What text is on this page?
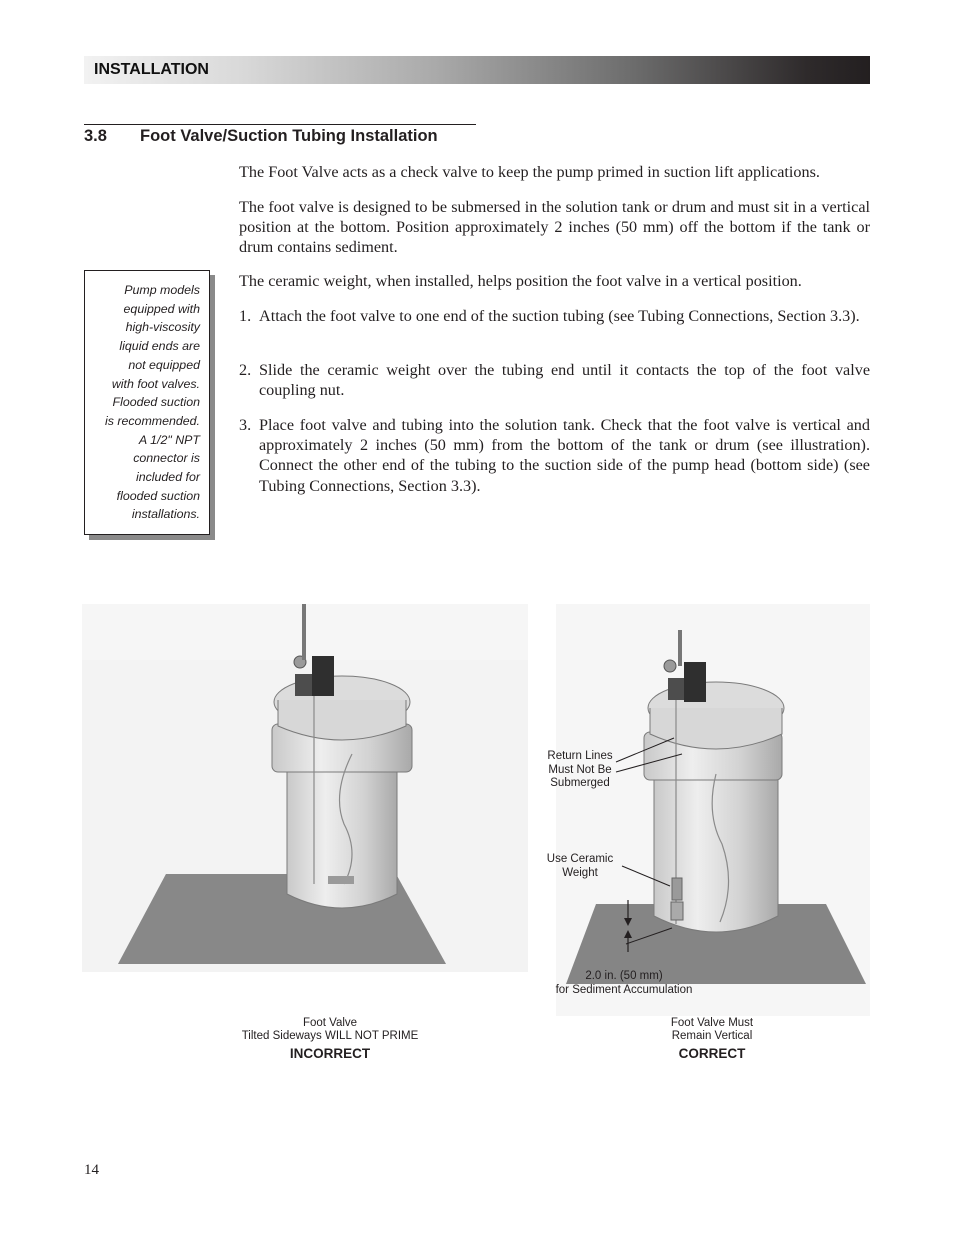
INSTALLATION
3.8 Foot Valve/Suction Tubing Installation
The Foot Valve acts as a check valve to keep the pump primed in suction lift applications.
The foot valve is designed to be submersed in the solution tank or drum and must sit in a vertical position at the bottom. Position approximately 2 inches (50 mm) off the bottom if the tank or drum contains sediment.
The ceramic weight, when installed, helps position the foot valve in a vertical position.
1. Attach the foot valve to one end of the suction tubing (see Tubing Connections, Section 3.3).
2. Slide the ceramic weight over the tubing end until it contacts the top of the foot valve coupling nut.
3. Place foot valve and tubing into the solution tank. Check that the foot valve is vertical and approximately 2 inches (50 mm) from the bottom of the tank or drum (see illustration). Connect the other end of the tubing to the suction side of the pump head (bottom side) (see Tubing Connections, Section 3.3).
Pump models
equipped with
high-viscosity
liquid ends are
not equipped
with foot valves.
Flooded suction
is recommended.
A 1/2" NPT
connector is
included for
flooded suction
installations.
Return Lines
Must Not Be
Submerged
Use Ceramic
Weight
2.0 in. (50 mm)
for Sediment Accumulation
Foot Valve
Tilted Sideways WILL NOT PRIME
INCORRECT
Foot Valve Must
Remain Vertical
CORRECT
14
